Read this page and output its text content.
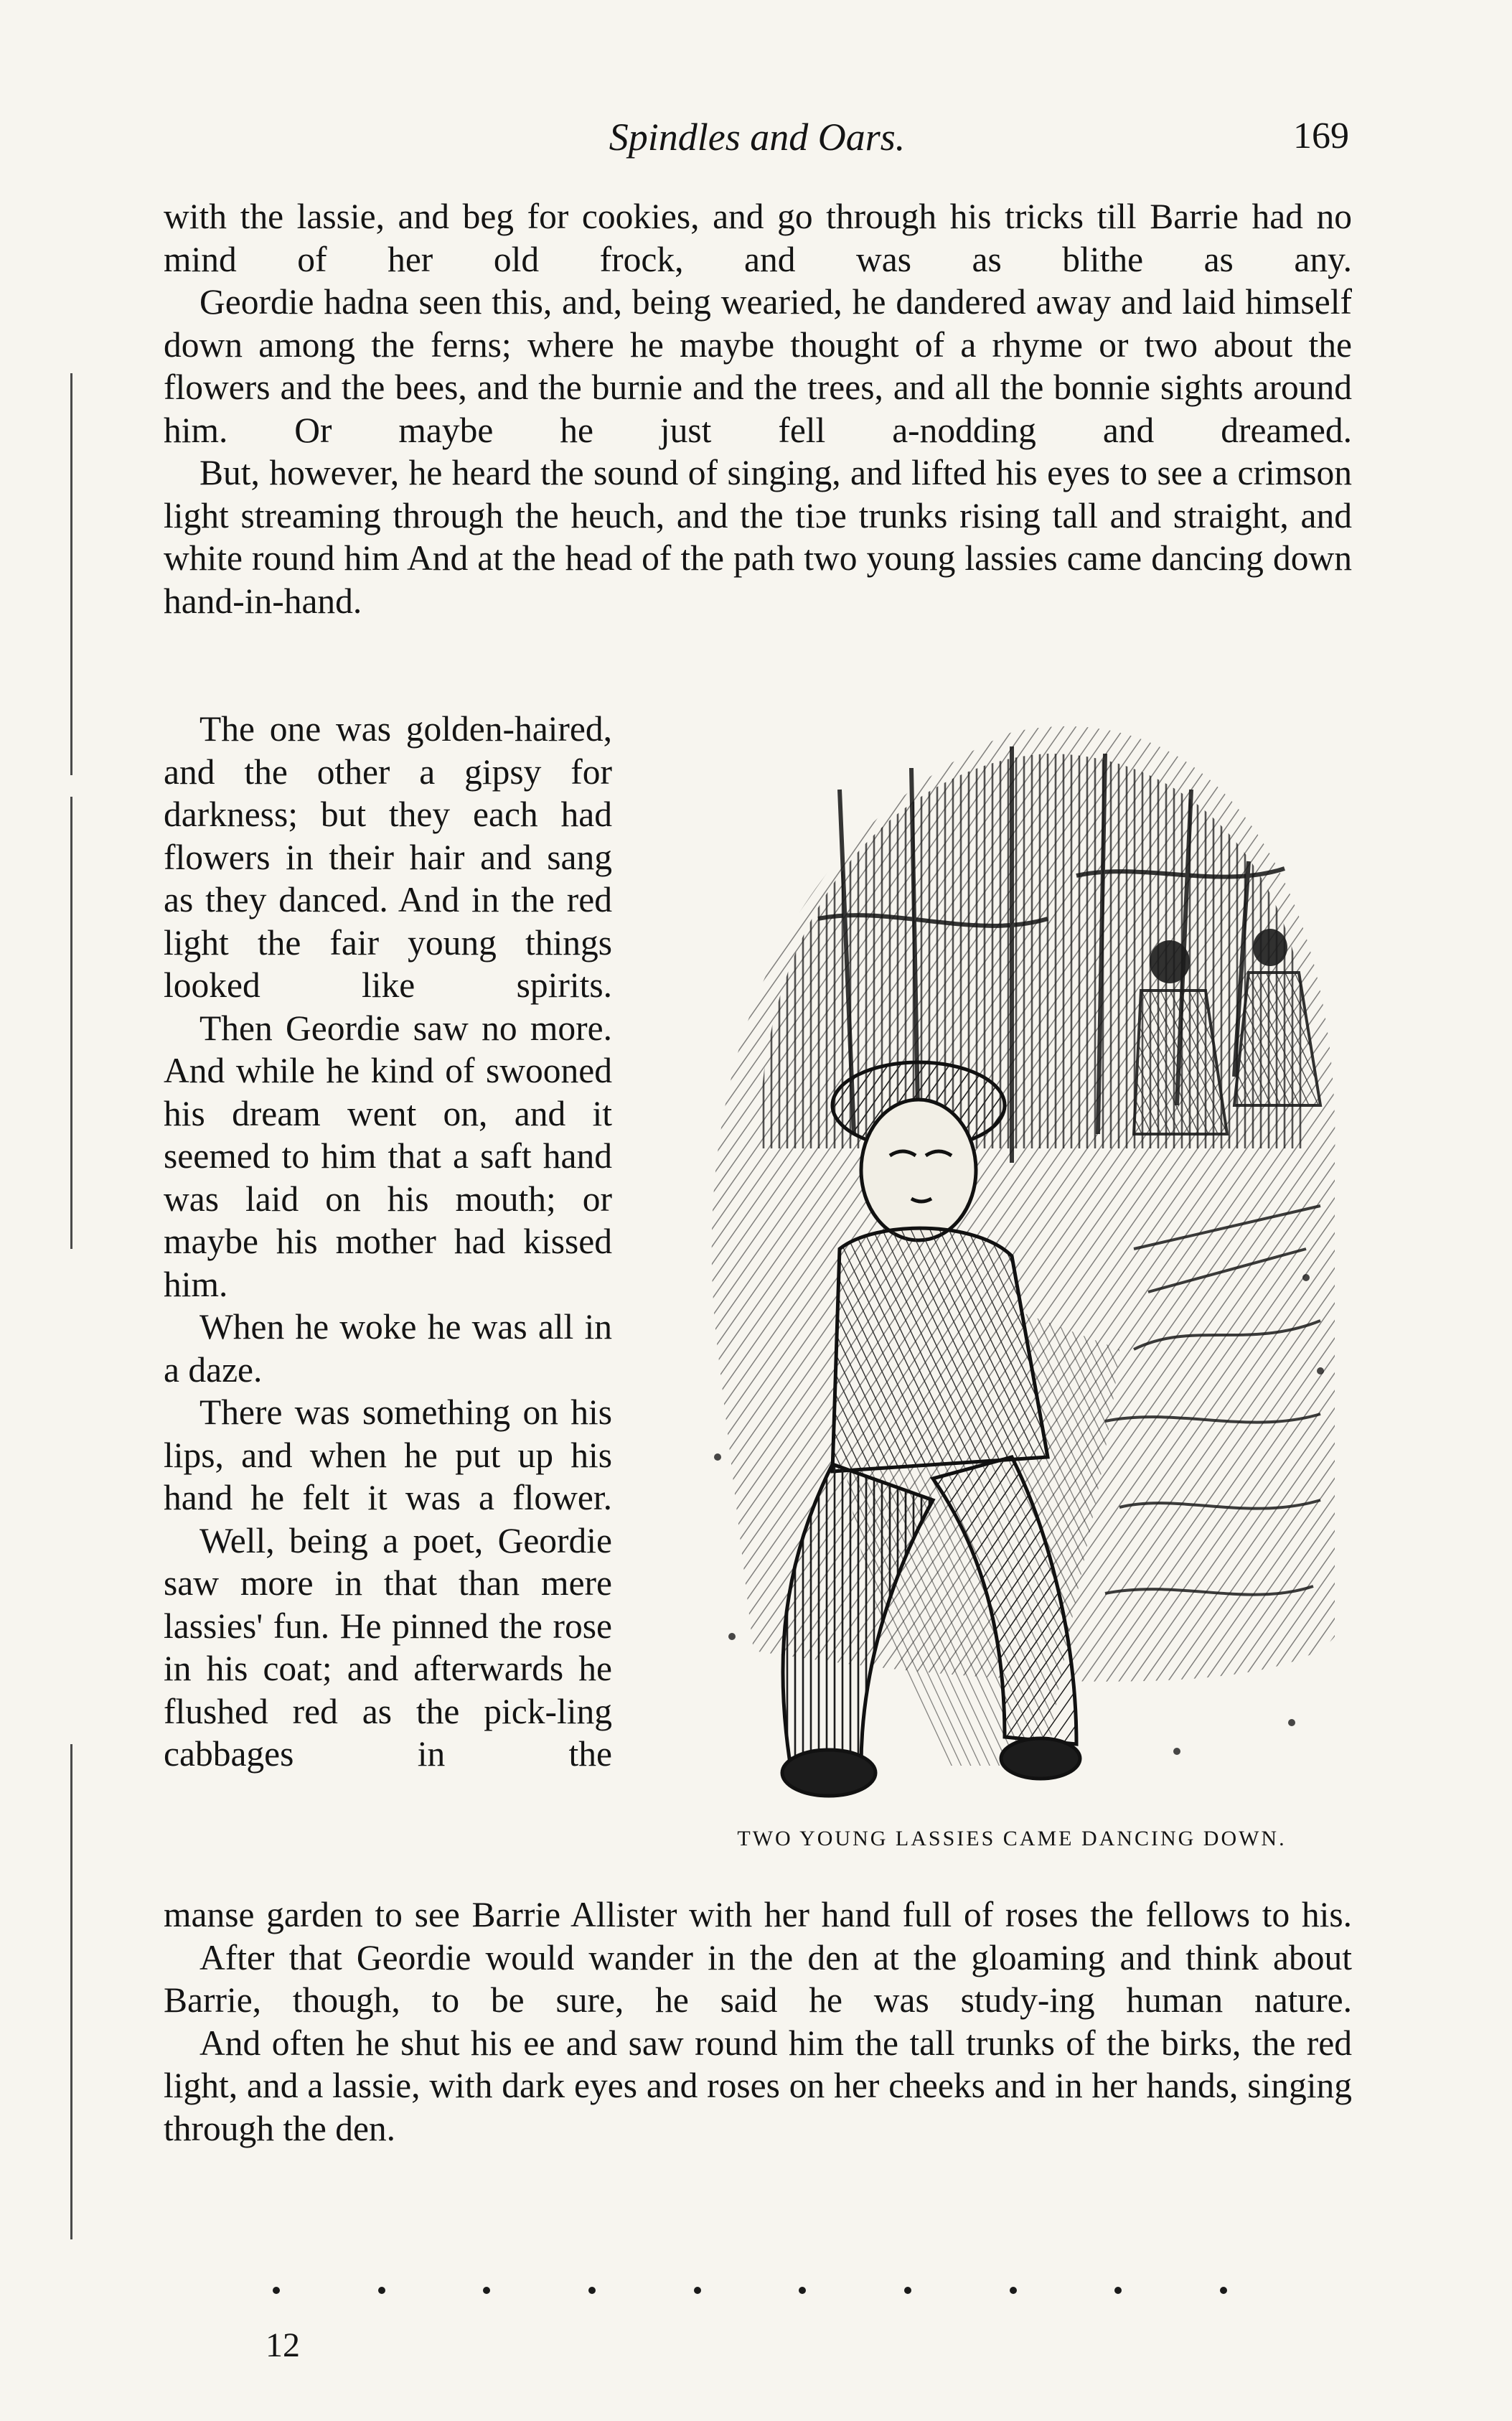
Spindles and Oars.	169

with the lassie, and beg for cookies, and go through his tricks till Barrie had no mind of her old frock, and was as blithe as any.

Geordie hadna seen this, and, being wearied, he dandered away and laid himself down among the ferns; where he maybe thought of a rhyme or two about the flowers and the bees, and the burnie and the trees, and all the bonnie sights around him. Or maybe he just fell a-nodding and dreamed.

But, however, he heard the sound of singing, and lifted his eyes to see a crimson light streaming through the heuch, and the tiɔe trunks rising tall and straight, and white round him And at the head of the path two young lassies came dancing down hand-in-hand.

The one was golden-haired, and the other a gipsy for darkness; but they each had flowers in their hair and sang as they danced. And in the red light the fair young things looked like spirits.

Then Geordie saw no more. And while he kind of swooned his dream went on, and it seemed to him that a saft hand was laid on his mouth; or maybe his mother had kissed him.

When he woke he was all in a daze.

There was something on his lips, and when he put up his hand he felt it was a flower.

Well, being a poet, Geordie saw more in that than mere lassies' fun. He pinned the rose in his coat; and afterwards he flushed red as the pick-ling cabbages in the

TWO YOUNG LASSIES CAME DANCING DOWN.

manse garden to see Barrie Allister with her hand full of roses the fellows to his.

After that Geordie would wander in the den at the gloaming and think about Barrie, though, to be sure, he said he was study-ing human nature.

And often he shut his ee and saw round him the tall trunks of the birks, the red light, and a lassie, with dark eyes and roses on her cheeks and in her hands, singing through the den.

12
